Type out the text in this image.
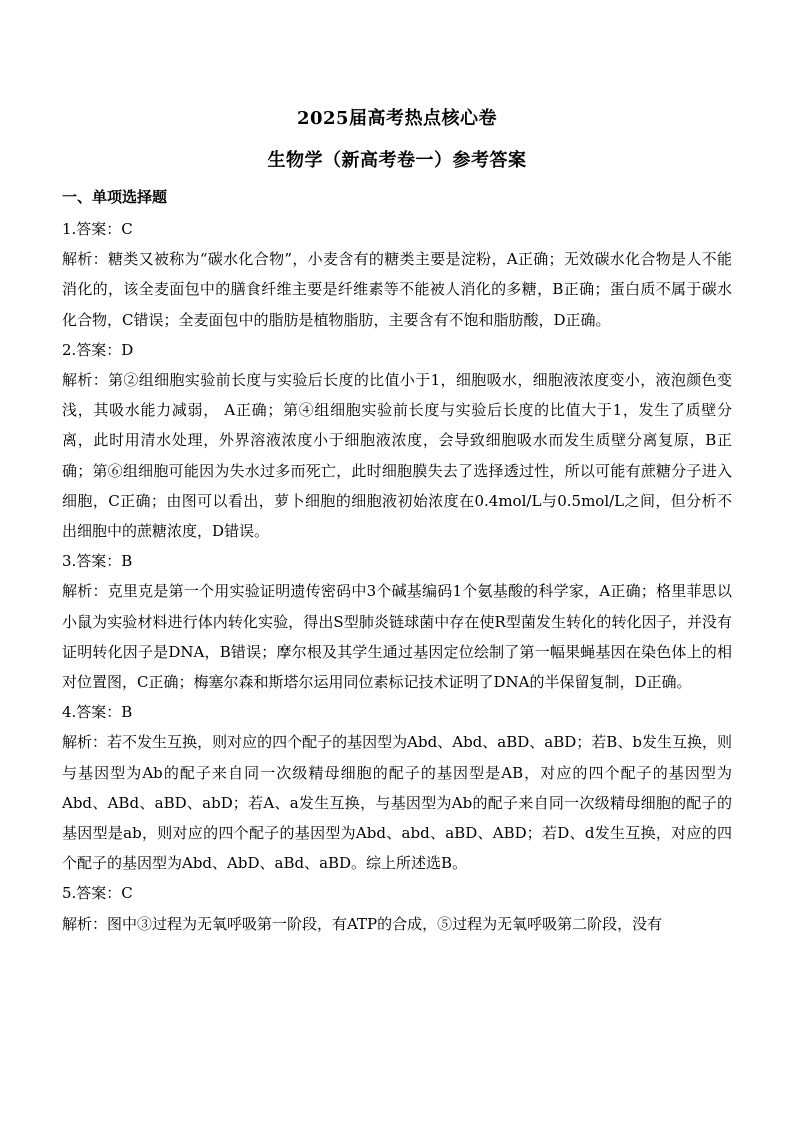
2025届高考热点核心卷
生物学（新高考卷一）参考答案
一、单项选择题
1.答案：C
解析：糖类又被称为“碳水化合物”，小麦含有的糖类主要是淀粉，A正确；无效碳水化合物是人不能消化的，该全麦面包中的膳食纤维主要是纤维素等不能被人消化的多糖，B正确；蛋白质不属于碳水化合物，C错误；全麦面包中的脂肪是植物脂肪，主要含有不饱和脂肪酸，D正确。
2.答案：D
解析：第②组细胞实验前长度与实验后长度的比值小于1，细胞吸水，细胞液浓度变小，液泡颜色变浅，其吸水能力减弱， A正确；第④组细胞实验前长度与实验后长度的比值大于1，发生了质壁分离，此时用清水处理，外界溶液浓度小于细胞液浓度，会导致细胞吸水而发生质壁分离复原，B正确；第⑥组细胞可能因为失水过多而死亡，此时细胞膜失去了选择透过性，所以可能有蔗糖分子进入细胞，C正确；由图可以看出，萝卜细胞的细胞液初始浓度在0.4mol/L与0.5mol/L之间，但分析不出细胞中的蔗糖浓度，D错误。
3.答案：B
解析：克里克是第一个用实验证明遗传密码中3个碱基编码1个氨基酸的科学家，A正确；格里菲思以小鼠为实验材料进行体内转化实验，得出S型肺炎链球菌中存在使R型菌发生转化的转化因子，并没有证明转化因子是DNA，B错误；摩尔根及其学生通过基因定位绘制了第一幅果蝇基因在染色体上的相对位置图，C正确；梅塞尔森和斯塔尔运用同位素标记技术证明了DNA的半保留复制，D正确。
4.答案：B
解析：若不发生互换，则对应的四个配子的基因型为Abd、Abd、aBD、aBD；若B、b发生互换，则与基因型为Ab的配子来自同一次级精母细胞的配子的基因型是AB，对应的四个配子的基因型为Abd、ABd、aBD、abD；若A、a发生互换，与基因型为Ab的配子来自同一次级精母细胞的配子的基因型是ab，则对应的四个配子的基因型为Abd、abd、aBD、ABD；若D、d发生互换，对应的四个配子的基因型为Abd、AbD、aBd、aBD。综上所述选B。
5.答案：C
解析：图中③过程为无氧呼吸第一阶段，有ATP的合成，⑤过程为无氧呼吸第二阶段，没有
